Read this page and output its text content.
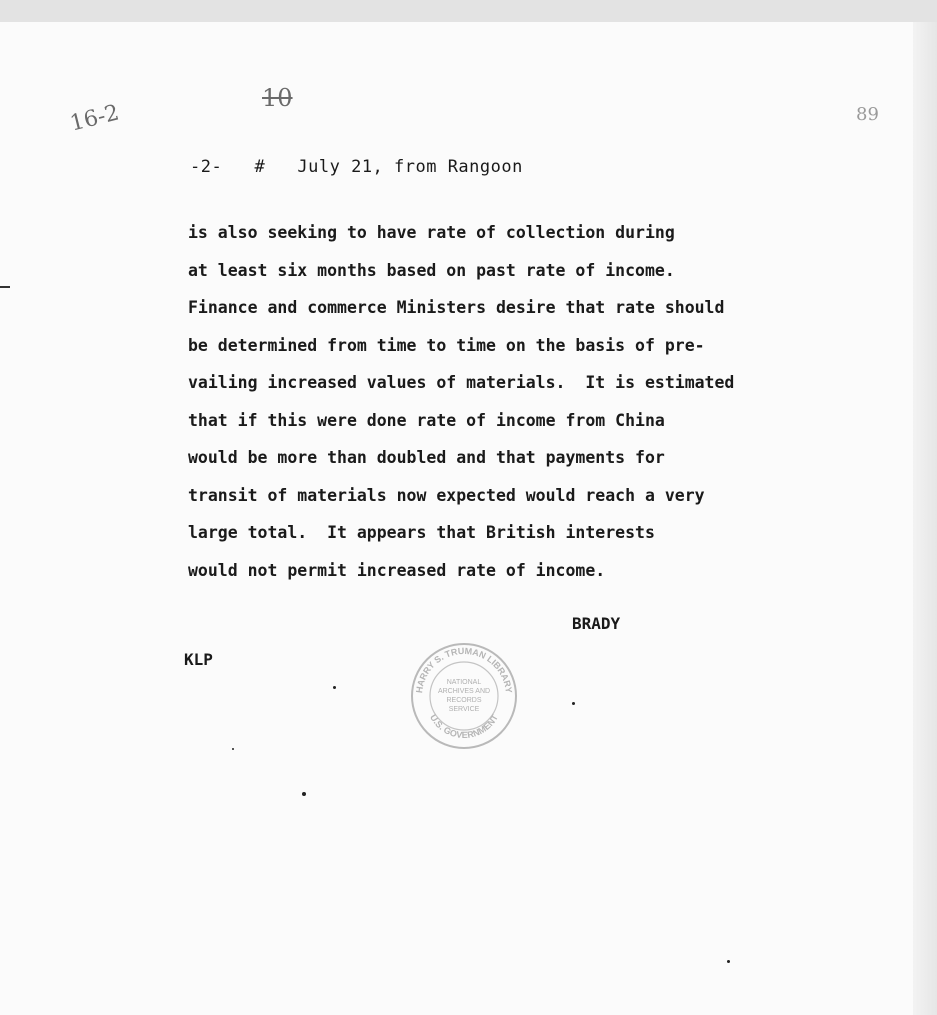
16-2
10
89
-2- # July 21, from Rangoon
is also seeking to have rate of collection during
at least six months based on past rate of income.
Finance and commerce Ministers desire that rate should
be determined from time to time on the basis of pre-
vailing increased values of materials.  It is estimated
that if this were done rate of income from China
would be more than doubled and that payments for
transit of materials now expected would reach a very
large total.  It appears that British interests
would not permit increased rate of income.
BRADY
KLP
HARRY S. TRUMAN LIBRARY
U.S. GOVERNMENT
NATIONAL ARCHIVES AND RECORDS SERVICE
